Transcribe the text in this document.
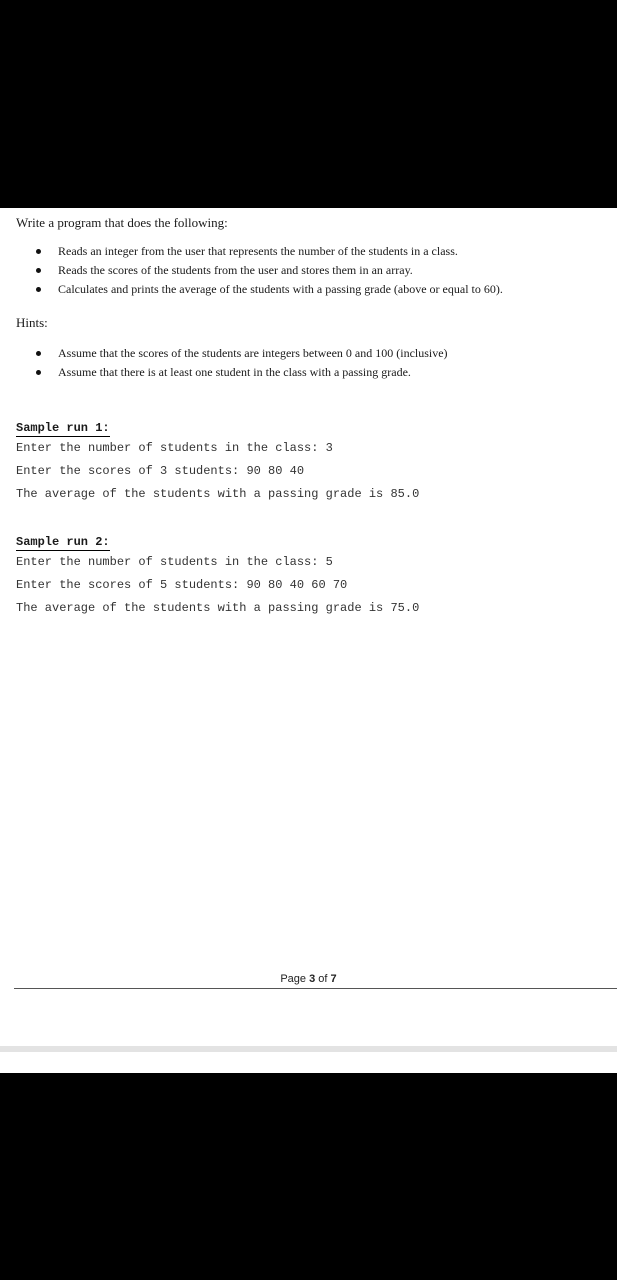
Write a program that does the following:
Reads an integer from the user that represents the number of the students in a class.
Reads the scores of the students from the user and stores them in an array.
Calculates and prints the average of the students with a passing grade (above or equal to 60).
Hints:
Assume that the scores of the students are integers between 0 and 100 (inclusive)
Assume that there is at least one student in the class with a passing grade.
Sample run 1:
Enter the number of students in the class: 3
Enter the scores of 3 students: 90 80 40
The average of the students with a passing grade is 85.0
Sample run 2:
Enter the number of students in the class: 5
Enter the scores of 5 students: 90 80 40 60 70
The average of the students with a passing grade is 75.0
Page 3 of 7
